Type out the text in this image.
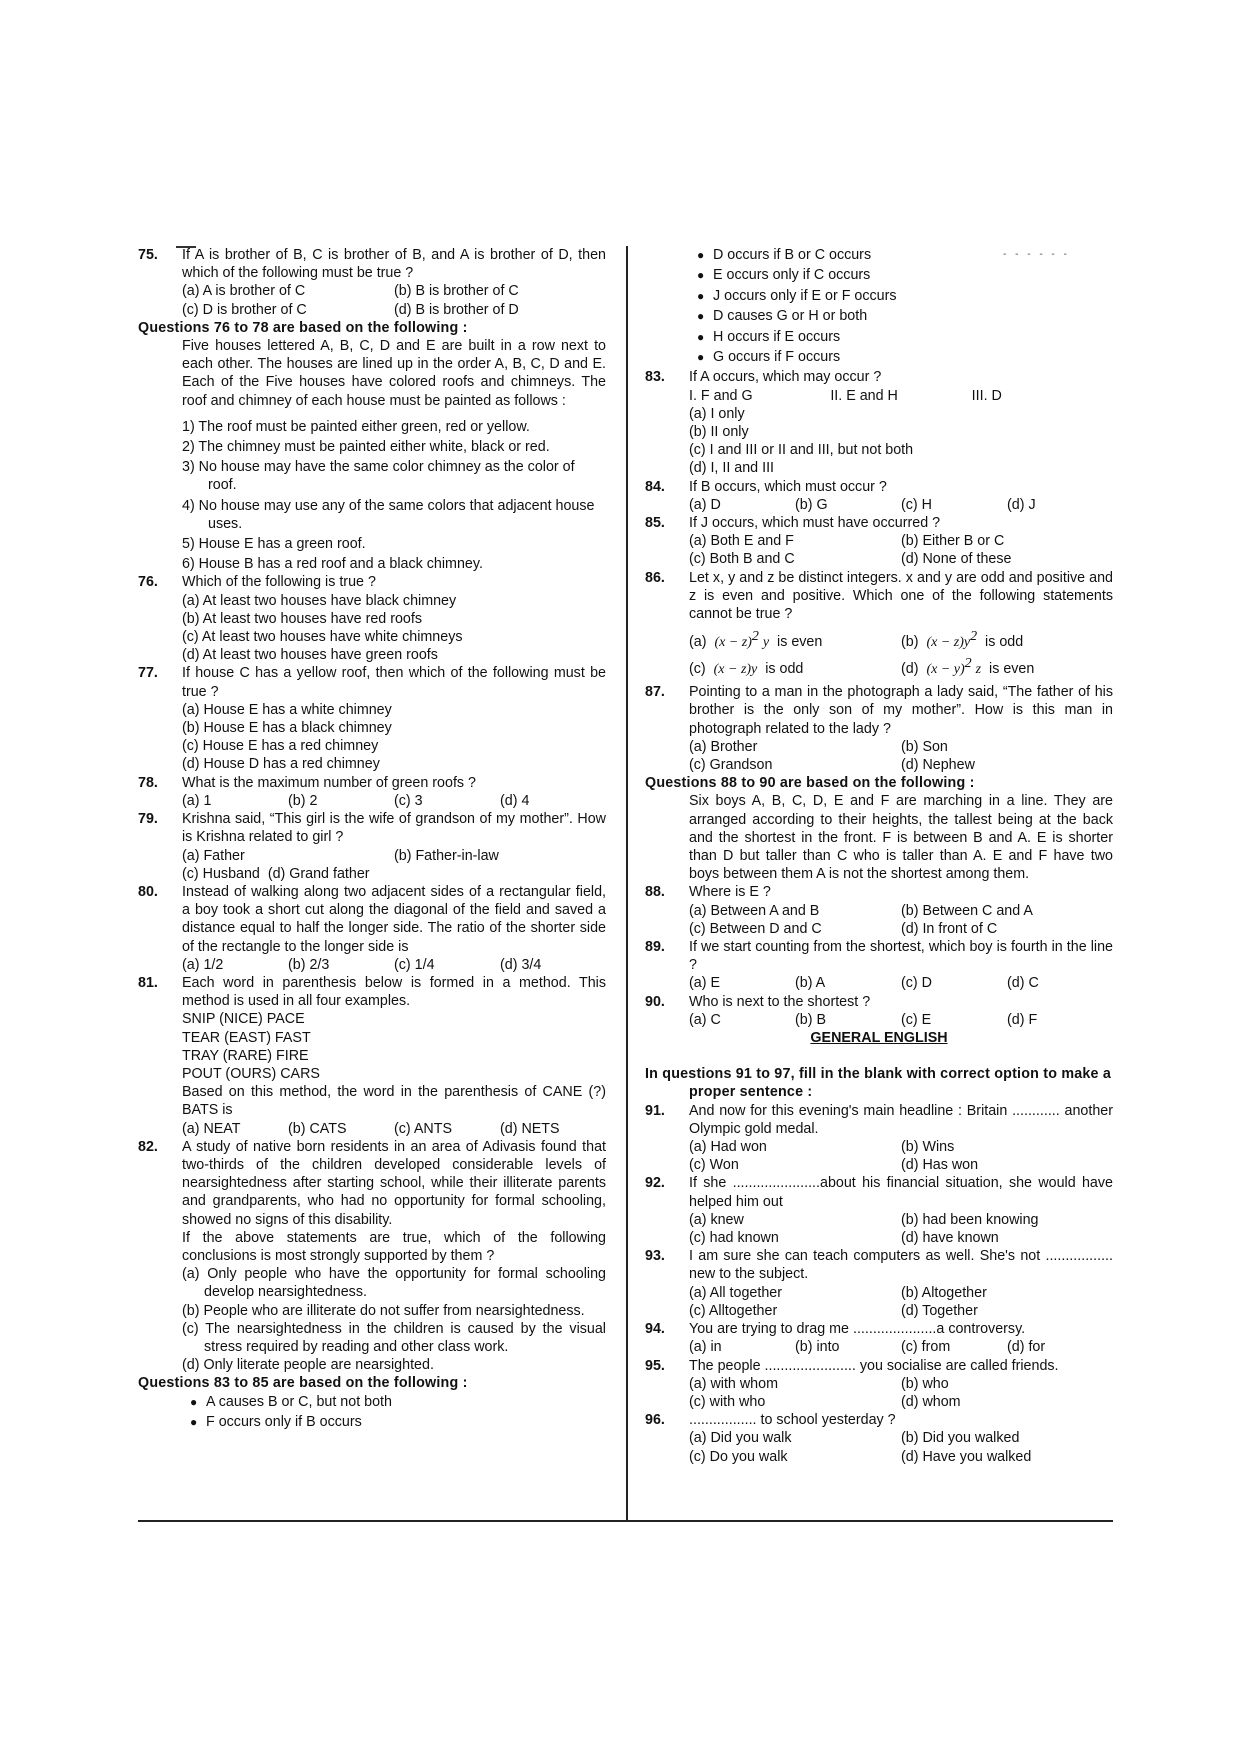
- - - - - -
75.	If A is brother of B, C is brother of B, and A is brother of D, then which of the following must be true ?
(a) A is brother of C	(b) B is brother of C
(c) D is brother of C	(d) B is brother of D
Questions 76 to 78 are based on the following :
Five houses lettered A, B, C, D and E are built in a row next to each other. The houses are lined up in the order A, B, C, D and E. Each of the Five houses have colored roofs and chimneys. The roof and chimney of each house must be painted as follows :
1) The roof must be painted either green, red or yellow.
2) The chimney must be painted either white, black or red.
3) No house may have the same color chimney as the color of roof.
4) No house may use any of the same colors that adjacent house uses.
5) House E has a green roof.
6) House B has a red roof and a black chimney.
76.	Which of the following is true ?
(a) At least two houses have black chimney
(b) At least two houses have red roofs
(c) At least two houses have white chimneys
(d) At least two houses have green roofs
77.	If house C has a yellow roof, then which of the following must be true ?
(a) House E has a white chimney
(b) House E has a black chimney
(c) House E has a red chimney
(d) House D has a red chimney
78.	What is the maximum number of green roofs ?
(a) 1	(b) 2	(c) 3	(d) 4
79.	Krishna said, “This girl is the wife of grandson of my mother”. How is Krishna related to girl ?
(a) Father	(b) Father-in-law
(c) Husband  (d) Grand father
80.	Instead of walking along two adjacent sides of a rectangular field, a boy took a short cut along the diagonal of the field and saved a distance equal to half the longer side. The ratio of the shorter side of the rectangle to the longer side is
(a) 1/2	(b) 2/3	(c) 1/4	(d) 3/4
81.	Each word in parenthesis below is formed in a method. This method is used in all four examples.
SNIP (NICE) PACE
TEAR (EAST) FAST
TRAY (RARE) FIRE
POUT (OURS) CARS
Based on this method, the word in the parenthesis of CANE (?) BATS is
(a) NEAT	(b) CATS	(c) ANTS	(d) NETS
82.	A study of native born residents in an area of Adivasis found that two-thirds of the children developed considerable levels of nearsightedness after starting school, while their illiterate parents and grandparents, who had no opportunity for formal schooling, showed no signs of this disability.
If the above statements are true, which of the following conclusions is most strongly supported by them ?
(a) Only people who have the opportunity for formal schooling develop nearsightedness.
(b) People who are illiterate do not suffer from nearsightedness.
(c) The nearsightedness in the children is caused by the visual stress required by reading and other class work.
(d) Only literate people are nearsighted.
Questions 83 to 85 are based on the following :
● A causes B or C, but not both
● F occurs only if B occurs
● D occurs if B or C occurs
● E occurs only if C occurs
● J occurs only if E or F occurs
● D causes G or H or both
● H occurs if E occurs
● G occurs if F occurs
83.	If A occurs, which may occur ?
I. F and G	II. E and H	III. D
(a) I only
(b) II only
(c) I and III or II and III, but not both
(d) I, II and III
84.	If B occurs, which must occur ?
(a) D	(b) G	(c) H	(d) J
85.	If J occurs, which must have occurred ?
(a) Both E and F	(b) Either B or C
(c) Both B and C	(d) None of these
86.	Let x, y and z be distinct integers. x and y are odd and positive and z is even and positive. Which one of the following statements cannot be true ?
(a) $(x - z)^2$ y is even	(b) $(x - z)y^2$ is odd
(c) (x − z)y is odd	(d) $(x - y)^2$ z is even
87.	Pointing to a man in the photograph a lady said, “The father of his brother is the only son of my mother”. How is this man in photograph related to the lady ?
(a) Brother	(b) Son
(c) Grandson	(d) Nephew
Questions 88 to 90 are based on the following :
Six boys A, B, C, D, E and F are marching in a line. They are arranged according to their heights, the tallest being at the back and the shortest in the front. F is between B and A. E is shorter than D but taller than C who is taller than A. E and F have two boys between them A is not the shortest among them.
88.	Where is E ?
(a) Between A and B	(b) Between C and A
(c) Between D and C	(d) In front of C
89.	If we start counting from the shortest, which boy is fourth in the line ?
(a) E	(b) A	(c) D	(d) C
90.	Who is next to the shortest ?
(a) C	(b) B	(c) E	(d) F
GENERAL ENGLISH
In questions 91 to 97, fill in the blank with correct option to make a proper sentence :
91.	And now for this evening's main headline : Britain ............ another Olympic gold medal.
(a) Had won	(b) Wins
(c) Won	(d) Has won
92.	If she ......................about his financial situation, she would have helped him out
(a) knew	(b) had been knowing
(c) had known	(d) have known
93.	I am sure she can teach computers as well. She's not ................. new to the subject.
(a) All together	(b) Altogether
(c) Alltogether	(d) Together
94.	You are trying to drag me .....................a controversy.
(a) in	(b) into	(c) from	(d) for
95.	The people ....................... you socialise are called friends.
(a) with whom	(b) who
(c) with who	(d) whom
96.	................. to school yesterday ?
(a) Did you walk	(b) Did you walked
(c) Do you walk	(d) Have you walked
